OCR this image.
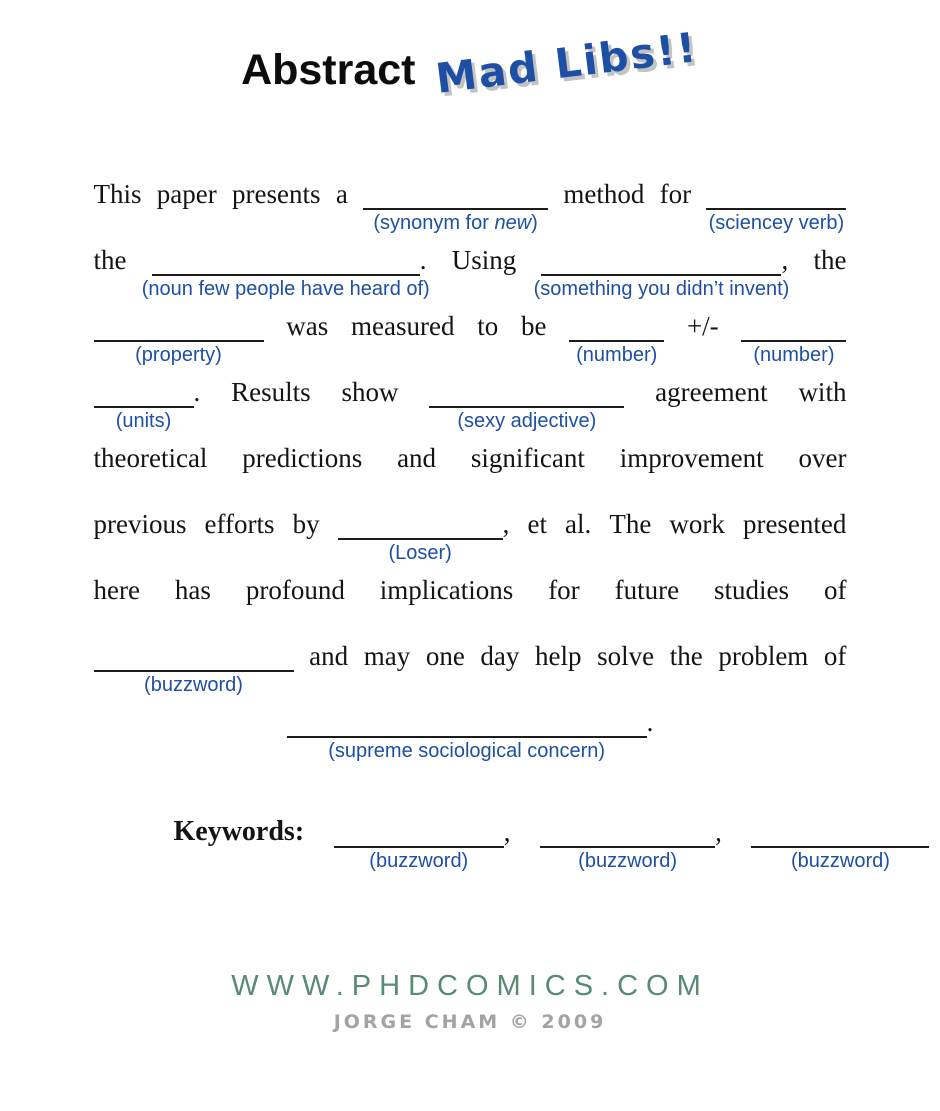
Abstract Mad Libs!!
This paper presents a
(synonym for new)
method for
(sciencey verb)
the
(noun few people have heard of)
. Using
(something you didn’t invent)
, the
(property)
was measured to be
(number)
+/-
(number)
(units)
. Results show
(sexy adjective)
agreement with
theoretical predictions and significant improvement over
previous efforts by
(Loser)
, et al. The work presented
here has profound implications for future studies of
(buzzword)
and may one day help solve the problem of
(supreme sociological concern)
.
Keywords:
(buzzword)
,
(buzzword)
,
(buzzword)
WWW.PHDCOMICS.COM
JORGE CHAM © 2009
